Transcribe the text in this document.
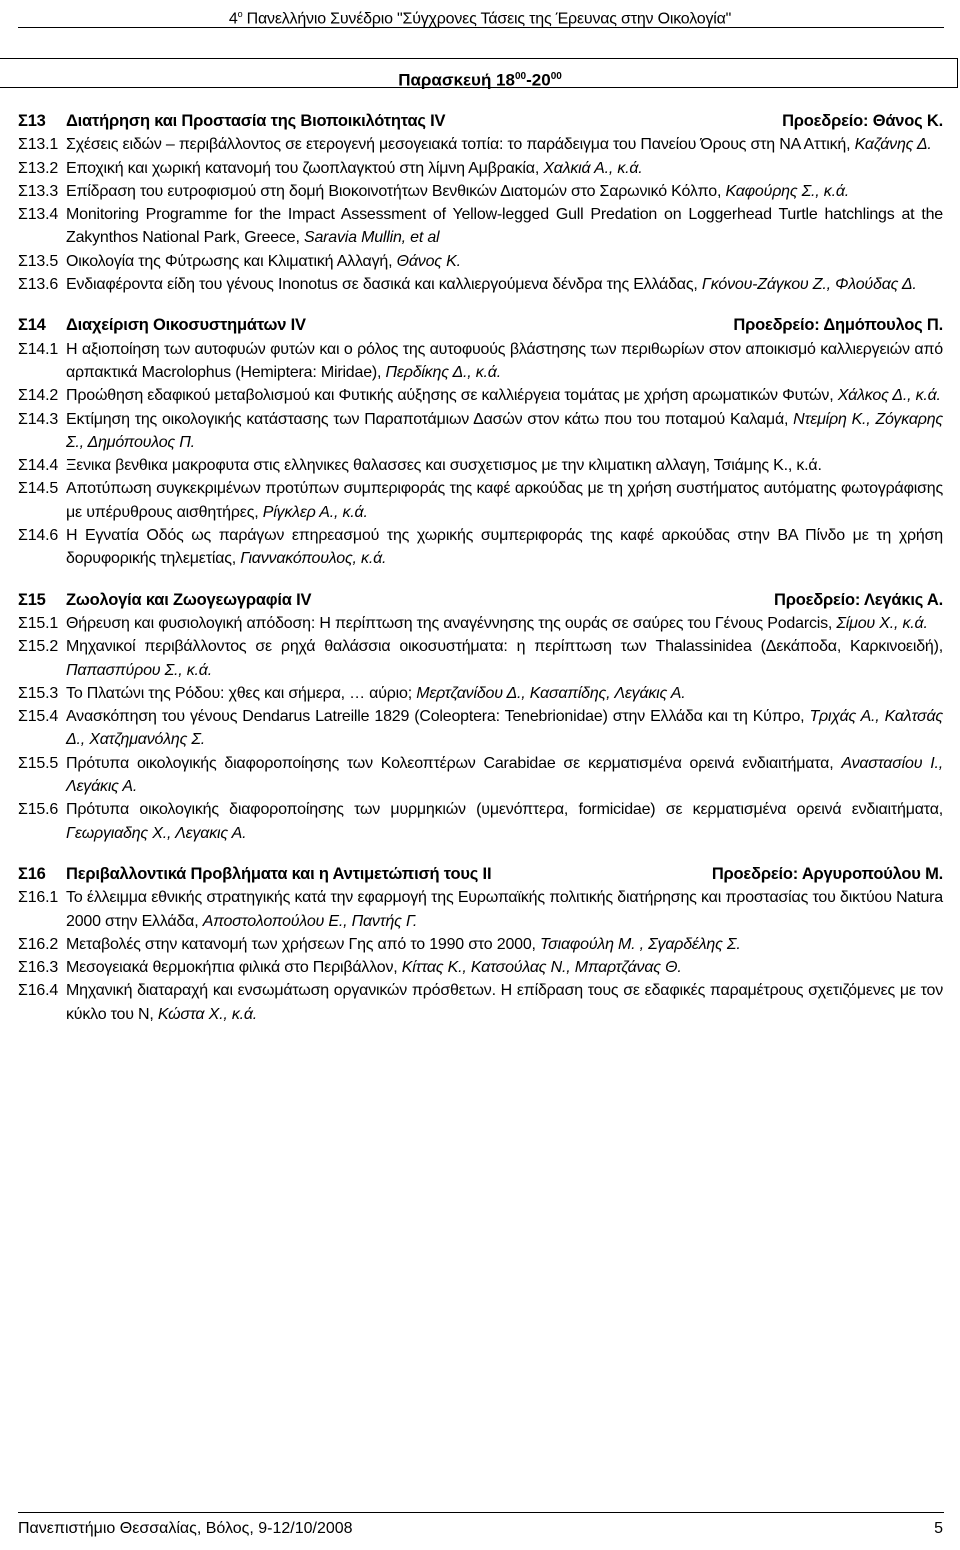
$4^o$ Πανελλήνιο Συνέδριο "Σύγχρονες Τάσεις της Έρευνας στην Οικολογία"
Παρασκευή $18^{00}-20^{00}$
Σ13	Διατήρηση και Προστασία της Βιοποικιλότητας IV	Προεδρείο: Θάνος Κ.
Σ13.1 Σχέσεις ειδών – περιβάλλοντος σε ετερογενή μεσογειακά τοπία: το παράδειγμα του Πανείου Όρους στη ΝΑ Αττική, Καζάνης Δ.
Σ13.2 Εποχική και χωρική κατανομή του ζωοπλαγκτού στη λίμνη Αμβρακία, Χαλκιά Α., κ.ά.
Σ13.3 Επίδραση του ευτροφισμού στη δομή Βιοκοινοτήτων Βενθικών Διατομών στο Σαρωνικό Κόλπο, Καφούρης Σ., κ.ά.
Σ13.4 Monitoring Programme for the Impact Assessment of Yellow-legged Gull Predation on Loggerhead Turtle hatchlings at the Zakynthos National Park, Greece, Saravia Mullin, et al
Σ13.5 Οικολογία της Φύτρωσης και Κλιματική Αλλαγή, Θάνος Κ.
Σ13.6 Ενδιαφέροντα είδη του γένους Inonotus σε δασικά και καλλιεργούμενα δένδρα της Ελλάδας, Γκόνου-Ζάγκου Ζ., Φλούδας Δ.
Σ14	Διαχείριση Οικοσυστημάτων IV	Προεδρείο: Δημόπουλος Π.
Σ14.1 Η αξιοποίηση των αυτοφυών φυτών και ο ρόλος της αυτοφυούς βλάστησης των περιθωρίων στον αποικισμό καλλιεργειών από αρπακτικά Macrolophus (Hemiptera: Miridae), Περδίκης Δ., κ.ά.
Σ14.2 Προώθηση εδαφικού μεταβολισμού και Φυτικής αύξησης σε καλλιέργεια τομάτας με χρήση αρωματικών Φυτών, Χάλκος Δ., κ.ά.
Σ14.3 Εκτίμηση της οικολογικής κατάστασης των Παραποτάμιων Δασών στον κάτω που του ποταμού Καλαμά, Ντεμίρη Κ., Ζόγκαρης Σ., Δημόπουλος Π.
Σ14.4 Ξενικα βενθικα μακροφυτα στις ελληνικες θαλασσες και συσχετισμος με την κλιματικη αλλαγη, Τσιάμης Κ., κ.ά.
Σ14.5 Αποτύπωση συγκεκριμένων προτύπων συμπεριφοράς της καφέ αρκούδας με τη χρήση συστήματος αυτόματης φωτογράφισης με υπέρυθρους αισθητήρες, Ρίγκλερ Α., κ.ά.
Σ14.6 Η Εγνατία Οδός ως παράγων επηρεασμού της χωρικής συμπεριφοράς της καφέ αρκούδας στην ΒΑ Πίνδο με τη χρήση δορυφορικής τηλεμετίας, Γιαννακόπουλος, κ.ά.
Σ15	Ζωολογία και Ζωογεωγραφία IV	Προεδρείο: Λεγάκις Α.
Σ15.1 Θήρευση και φυσιολογική απόδοση: Η περίπτωση της αναγέννησης της ουράς σε σαύρες του Γένους Podarcis, Σίμου Χ., κ.ά.
Σ15.2 Μηχανικοί περιβάλλοντος σε ρηχά θαλάσσια οικοσυστήματα: η περίπτωση των Thalassinidea (Δεκάποδα, Καρκινοειδή), Παπασπύρου Σ., κ.ά.
Σ15.3 Το Πλατώνι της Ρόδου: χθες και σήμερα, … αύριο; Μερτζανίδου Δ., Κασαπίδης, Λεγάκις Α.
Σ15.4 Ανασκόπηση του γένους Dendarus Latreille 1829 (Coleoptera: Tenebrionidae) στην Ελλάδα και τη Κύπρο, Τριχάς Α., Καλτσάς Δ., Χατζημανόλης Σ.
Σ15.5 Πρότυπα οικολογικής διαφοροποίησης των Κολεοπτέρων Carabidae σε κερματισμένα ορεινά ενδιαιτήματα, Αναστασίου Ι., Λεγάκις Α.
Σ15.6 Πρότυπα οικολογικής διαφοροποίησης των μυρμηκιών (υμενόπτερα, formicidae) σε κερματισμένα ορεινά ενδιαιτήματα, Γεωργιαδης Χ., Λεγακις Α.
Σ16	Περιβαλλοντικά Προβλήματα και η Αντιμετώπισή τους II	Προεδρείο: Αργυροπούλου Μ.
Σ16.1 Το έλλειμμα εθνικής στρατηγικής κατά την εφαρμογή της Ευρωπαϊκής πολιτικής διατήρησης και προστασίας του δικτύου Natura 2000 στην Ελλάδα, Αποστολοπούλου Ε., Παντής Γ.
Σ16.2 Μεταβολές στην κατανομή των χρήσεων Γης από το 1990 στο 2000, Τσιαφούλη Μ. , Σγαρδέλης Σ.
Σ16.3 Μεσογειακά θερμοκήπια φιλικά στο Περιβάλλον, Κίττας Κ., Κατσούλας Ν., Μπαρτζάνας Θ.
Σ16.4 Μηχανική διαταραχή και ενσωμάτωση οργανικών πρόσθετων. Η επίδραση τους σε εδαφικές παραμέτρους σχετιζόμενες με τον κύκλο του Ν, Κώστα Χ., κ.ά.
Πανεπιστήμιο Θεσσαλίας, Βόλος, 9-12/10/2008	5
